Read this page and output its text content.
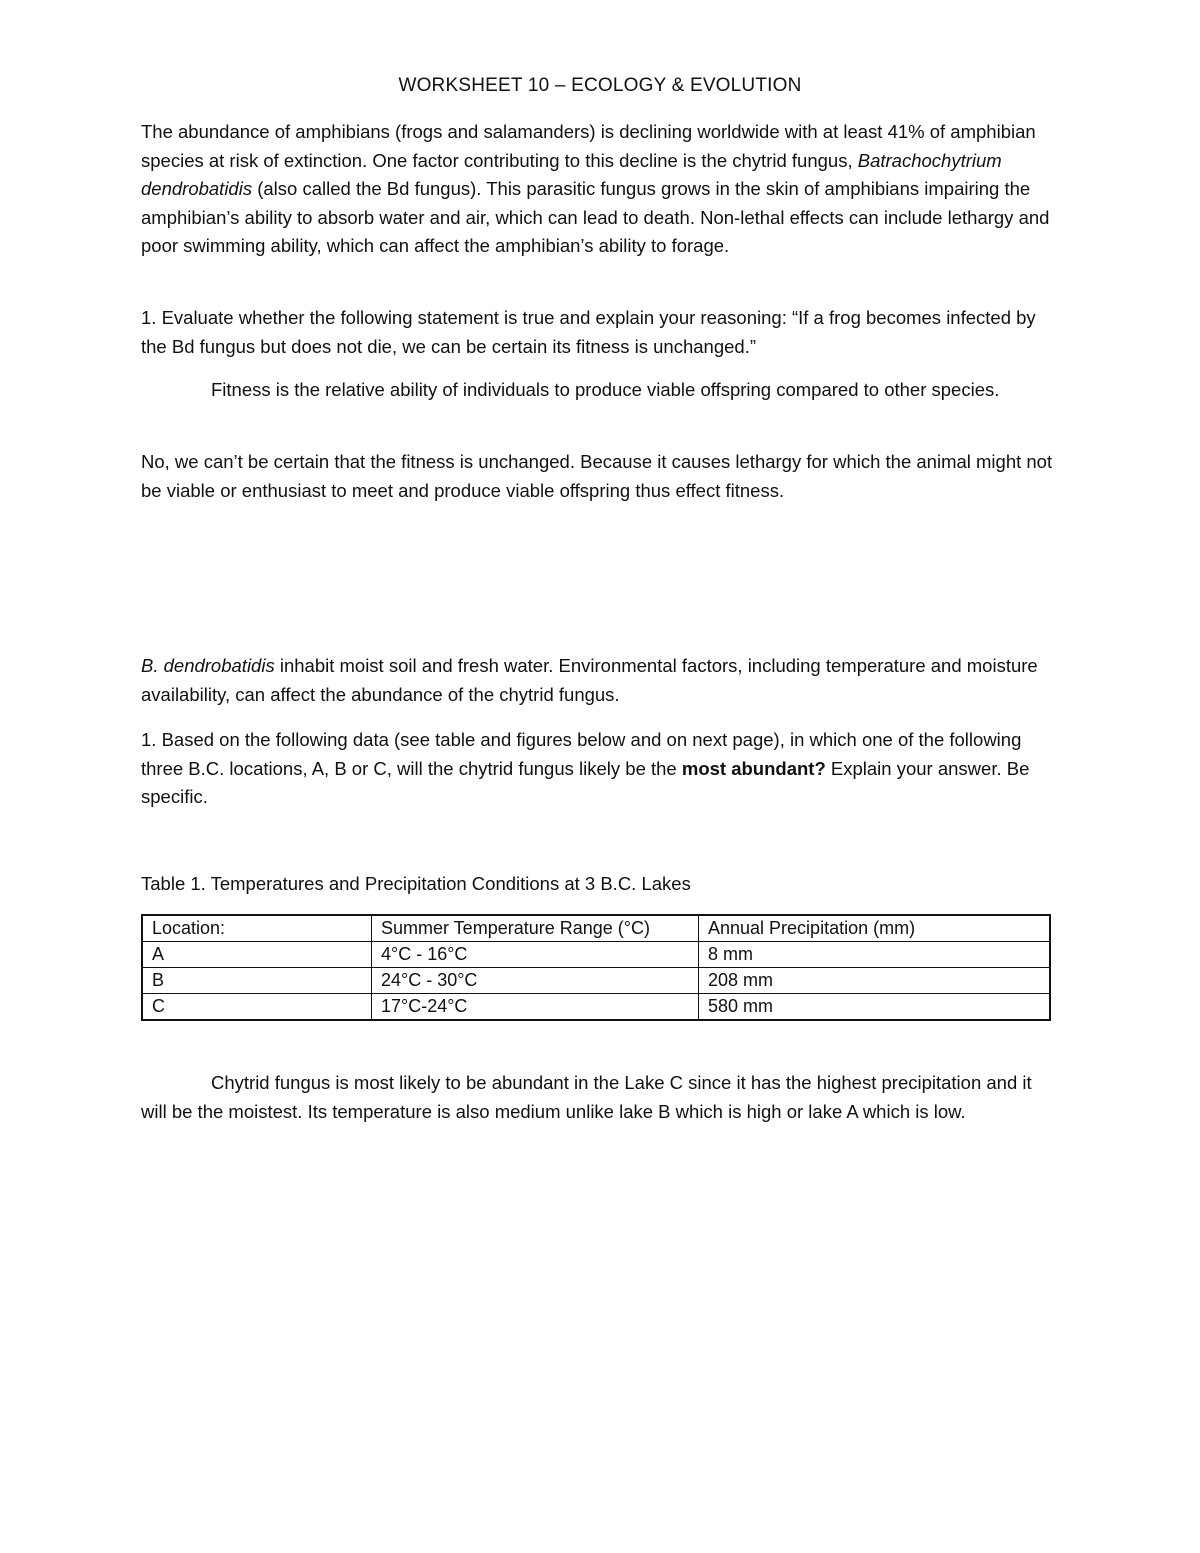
WORKSHEET 10 – ECOLOGY & EVOLUTION

The abundance of amphibians (frogs and salamanders) is declining worldwide with at least 41% of amphibian species at risk of extinction. One factor contributing to this decline is the chytrid fungus, Batrachochytrium dendrobatidis (also called the Bd fungus). This parasitic fungus grows in the skin of amphibians impairing the amphibian’s ability to absorb water and air, which can lead to death. Non-lethal effects can include lethargy and poor swimming ability, which can affect the amphibian’s ability to forage.

1. Evaluate whether the following statement is true and explain your reasoning: “If a frog becomes infected by the Bd fungus but does not die, we can be certain its fitness is unchanged.”

Fitness is the relative ability of individuals to produce viable offspring compared to other species.

No, we can’t be certain that the fitness is unchanged. Because it causes lethargy for which the animal might not be viable or enthusiast to meet and produce viable offspring thus effect fitness.

B. dendrobatidis inhabit moist soil and fresh water. Environmental factors, including temperature and moisture availability, can affect the abundance of the chytrid fungus.

1. Based on the following data (see table and figures below and on next page), in which one of the following three B.C. locations, A, B or C, will the chytrid fungus likely be the most abundant? Explain your answer. Be specific.

Table 1. Temperatures and Precipitation Conditions at 3 B.C. Lakes
Location:	Summer Temperature Range (°C)	Annual Precipitation (mm)
A	4°C - 16°C	8 mm
B	24°C - 30°C	208 mm
C	17°C-24°C	580 mm

Chytrid fungus is most likely to be abundant in the Lake C since it has the highest precipitation and it will be the moistest. Its temperature is also medium unlike lake B which is high or lake A which is low.
